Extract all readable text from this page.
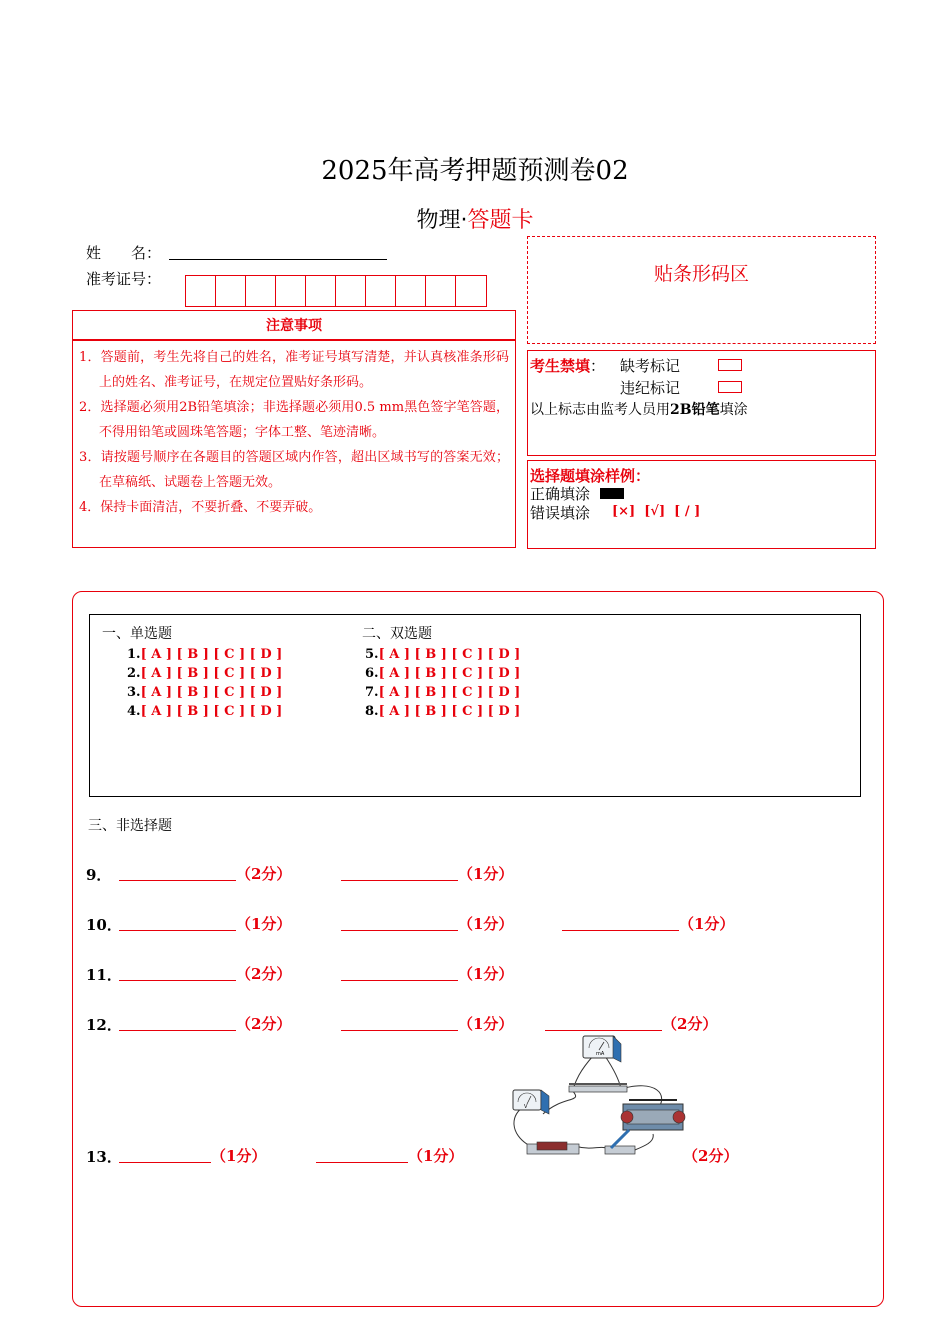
2025年高考押题预测卷02
物理·答题卡
姓　　名：
准考证号：
注意事项
1．答题前，考生先将自己的姓名，准考证号填写清楚，并认真核准条形码上的姓名、准考证号，在规定位置贴好条形码。
2．选择题必须用2B铅笔填涂；非选择题必须用0.5 mm黑色签字笔答题，不得用铅笔或圆珠笔答题；字体工整、笔迹清晰。
3．请按题号顺序在各题目的答题区域内作答，超出区域书写的答案无效；在草稿纸、试题卷上答题无效。
4．保持卡面清洁，不要折叠、不要弄破。
贴条形码区
考生禁填： 缺考标记
违纪标记
以上标志由监考人员用2B铅笔填涂
选择题填涂样例：
正确填涂
错误填涂 [×]  [√]  [ / ]
一、单选题	二、双选题
1.[ A ] [ B ] [ C ] [ D ]
2.[ A ] [ B ] [ C ] [ D ]
3.[ A ] [ B ] [ C ] [ D ]
4.[ A ] [ B ] [ C ] [ D ]
5.[ A ] [ B ] [ C ] [ D ]
6.[ A ] [ B ] [ C ] [ D ]
7.[ A ] [ B ] [ C ] [ D ]
8.[ A ] [ B ] [ C ] [ D ]
三、非选择题
9．	（2分）	（1分）
10．	（1分）	（1分）	（1分）
11．	（2分）	（1分）
12．	（2分）	（1分）	（2分）
13．	（1分）	（1分）	（2分）
mA
V
